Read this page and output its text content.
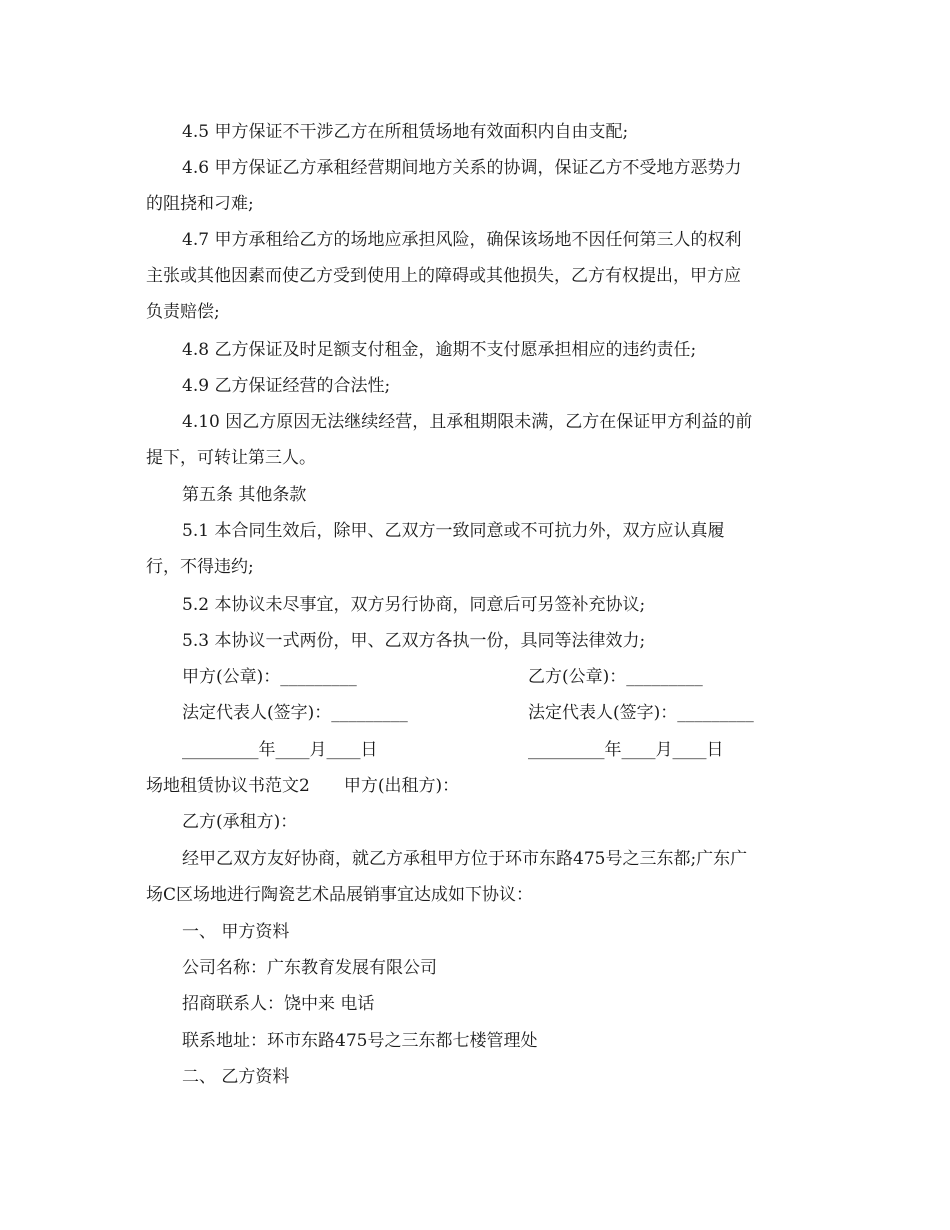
4.5 甲方保证不干涉乙方在所租赁场地有效面积内自由支配;
4.6 甲方保证乙方承租经营期间地方关系的协调，保证乙方不受地方恶势力
的阻挠和刁难;
4.7 甲方承租给乙方的场地应承担风险，确保该场地不因任何第三人的权利
主张或其他因素而使乙方受到使用上的障碍或其他损失，乙方有权提出，甲方应
负责赔偿;
4.8 乙方保证及时足额支付租金，逾期不支付愿承担相应的违约责任;
4.9 乙方保证经营的合法性;
4.10 因乙方原因无法继续经营，且承租期限未满，乙方在保证甲方利益的前
提下，可转让第三人。
第五条 其他条款
5.1 本合同生效后，除甲、乙双方一致同意或不可抗力外，双方应认真履
行，不得违约;
5.2 本协议未尽事宜，双方另行协商，同意后可另签补充协议;
5.3 本协议一式两份，甲、乙双方各执一份，具同等法律效力;
甲方(公章)：_________	乙方(公章)：_________
法定代表人(签字)：_________	法定代表人(签字)：_________
_________年____月____日	_________年____月____日
场地租赁协议书范文2　　甲方(出租方)：
乙方(承租方)：
经甲乙双方友好协商，就乙方承租甲方位于环市东路475号之三东都;广东广
场C区场地进行陶瓷艺术品展销事宜达成如下协议：
一、 甲方资料
公司名称：广东教育发展有限公司
招商联系人：饶中来 电话
联系地址：环市东路475号之三东都七楼管理处
二、 乙方资料
